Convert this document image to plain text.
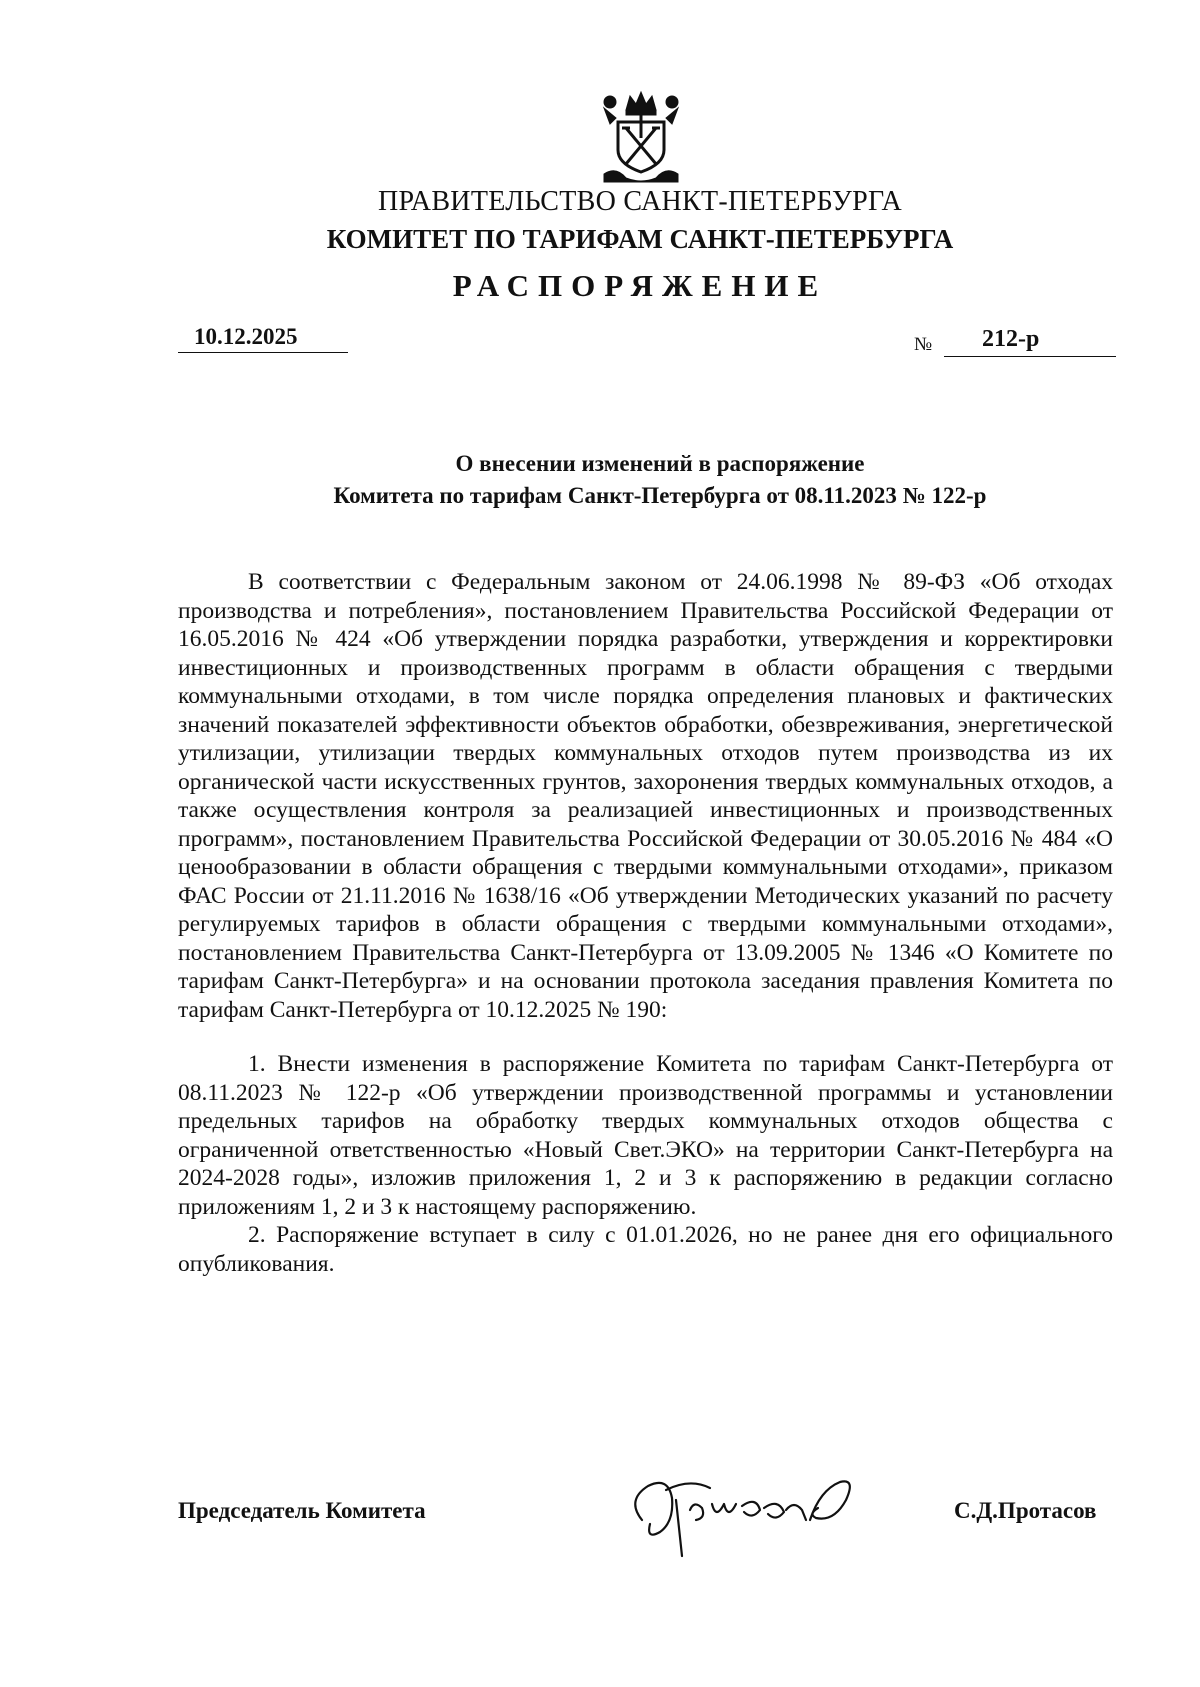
ПРАВИТЕЛЬСТВО САНКТ-ПЕТЕРБУРГА
КОМИТЕТ ПО ТАРИФАМ САНКТ-ПЕТЕРБУРГА
РАСПОРЯЖЕНИЕ
10.12.2025	№ 212-р
О внесении изменений в распоряжение
Комитета по тарифам Санкт-Петербурга от 08.11.2023 № 122-р

В соответствии с Федеральным законом от 24.06.1998 № 89-ФЗ «Об отходах производства и потребления», постановлением Правительства Российской Федерации от 16.05.2016 № 424 «Об утверждении порядка разработки, утверждения и корректировки инвестиционных и производственных программ в области обращения с твердыми коммунальными отходами, в том числе порядка определения плановых и фактических значений показателей эффективности объектов обработки, обезвреживания, энергетической утилизации, утилизации твердых коммунальных отходов путем производства из их органической части искусственных грунтов, захоронения твердых коммунальных отходов, а также осуществления контроля за реализацией инвестиционных и производственных программ», постановлением Правительства Российской Федерации от 30.05.2016 № 484 «О ценообразовании в области обращения с твердыми коммунальными отходами», приказом ФАС России от 21.11.2016 № 1638/16 «Об утверждении Методических указаний по расчету регулируемых тарифов в области обращения с твердыми коммунальными отходами», постановлением Правительства Санкт-Петербурга от 13.09.2005 № 1346 «О Комитете по тарифам Санкт-Петербурга» и на основании протокола заседания правления Комитета по тарифам Санкт-Петербурга от 10.12.2025 № 190:

1. Внести изменения в распоряжение Комитета по тарифам Санкт-Петербурга от 08.11.2023 № 122-р «Об утверждении производственной программы и установлении предельных тарифов на обработку твердых коммунальных отходов общества с ограниченной ответственностью «Новый Свет.ЭКО» на территории Санкт-Петербурга на 2024-2028 годы», изложив приложения 1, 2 и 3 к распоряжению в редакции согласно приложениям 1, 2 и 3 к настоящему распоряжению.

2. Распоряжение вступает в силу с 01.01.2026, но не ранее дня его официального опубликования.

Председатель Комитета	С.Д.Протасов
